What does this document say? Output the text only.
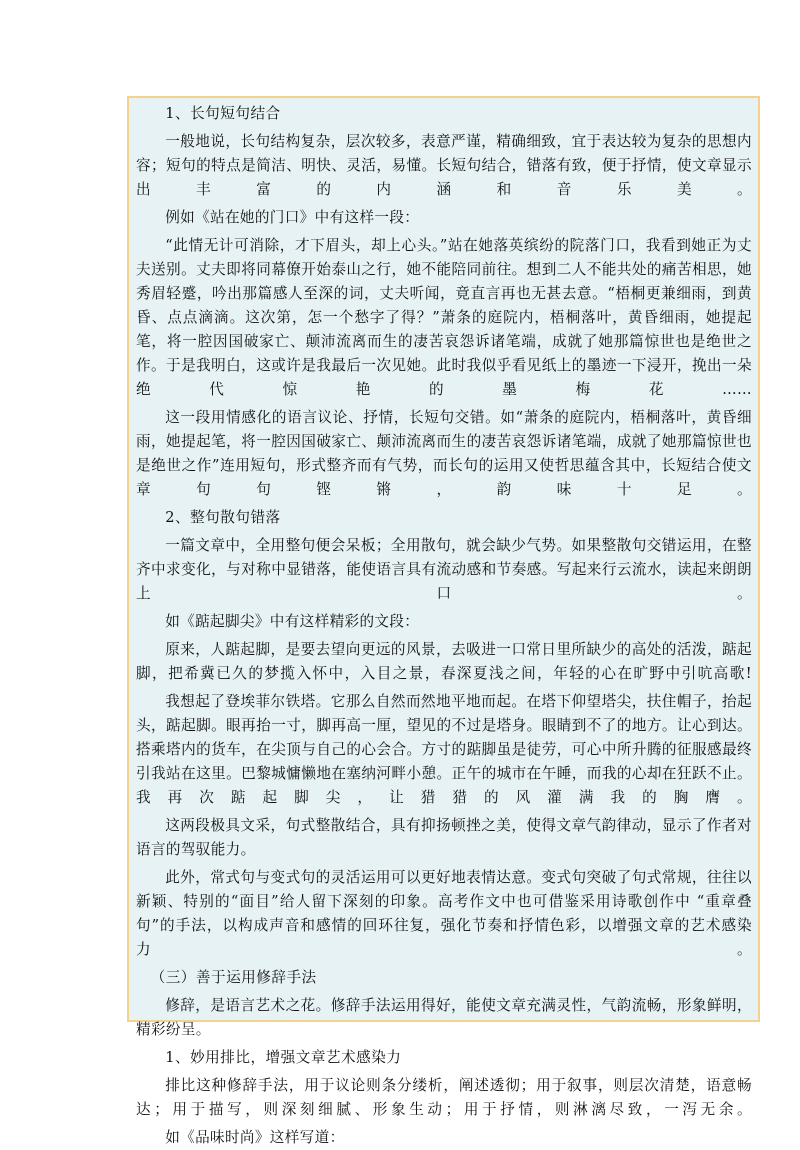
1、长句短句结合

一般地说，长句结构复杂，层次较多，表意严谨，精确细致，宜于表达较为复杂的思想内容；短句的特点是简洁、明快、灵活，易懂。长短句结合，错落有致，便于抒情，使文章显示出丰富的内涵和音乐美。

例如《站在她的门口》中有这样一段：

“此情无计可消除，才下眉头，却上心头。”站在她落英缤纷的院落门口，我看到她正为丈夫送别。丈夫即将同幕僚开始泰山之行，她不能陪同前往。想到二人不能共处的痛苦相思，她秀眉轻蹙，吟出那篇感人至深的词，丈夫听闻，竟直言再也无甚去意。“梧桐更兼细雨，到黄昏、点点滴滴。这次第，怎一个愁字了得？”萧条的庭院内，梧桐落叶，黄昏细雨，她提起笔，将一腔因国破家亡、颠沛流离而生的凄苦哀怨诉诸笔端，成就了她那篇惊世也是绝世之作。于是我明白，这或许是我最后一次见她。此时我似乎看见纸上的墨迹一下浸开，挽出一朵绝代惊艳的墨梅花……

这一段用情感化的语言议论、抒情，长短句交错。如“萧条的庭院内，梧桐落叶，黄昏细雨，她提起笔，将一腔因国破家亡、颠沛流离而生的凄苦哀怨诉诸笔端，成就了她那篇惊世也是绝世之作”连用短句，形式整齐而有气势，而长句的运用又使哲思蕴含其中，长短结合使文章句句铿锵，韵味十足。

2、整句散句错落

一篇文章中，全用整句便会呆板；全用散句，就会缺少气势。如果整散句交错运用，在整齐中求变化，与对称中显错落，能使语言具有流动感和节奏感。写起来行云流水，读起来朗朗上口。

如《踮起脚尖》中有这样精彩的文段：

原来，人踮起脚，是要去望向更远的风景，去吸进一口常日里所缺少的高处的活泼，踮起脚，把希冀已久的梦揽入怀中，入目之景，春深夏浅之间，年轻的心在旷野中引吭高歌!

我想起了登埃菲尔铁塔。它那么自然而然地平地而起。在塔下仰望塔尖，扶住帽子，抬起头，踮起脚。眼再抬一寸，脚再高一厘，望见的不过是塔身。眼睛到不了的地方。让心到达。搭乘塔内的货车，在尖顶与自己的心会合。方寸的踮脚虽是徒劳，可心中所升腾的征服感最终引我站在这里。巴黎城慵懒地在塞纳河畔小憩。正午的城市在午睡，而我的心却在狂跃不止。我再次踮起脚尖，让猎猎的风灌满我的胸膺。

这两段极具文采，句式整散结合，具有抑扬顿挫之美，使得文章气韵律动，显示了作者对语言的驾驭能力。

此外，常式句与变式句的灵活运用可以更好地表情达意。变式句突破了句式常规，往往以新颖、特别的“面目”给人留下深刻的印象。高考作文中也可借鉴采用诗歌创作中 “重章叠句”的手法，以构成声音和感情的回环往复，强化节奏和抒情色彩，以增强文章的艺术感染力。

（三）善于运用修辞手法

修辞，是语言艺术之花。修辞手法运用得好，能使文章充满灵性，气韵流畅，形象鲜明，精彩纷呈。

1、妙用排比，增强文章艺术感染力

排比这种修辞手法，用于议论则条分缕析，阐述透彻；用于叙事，则层次清楚，语意畅达；用于描写，则深刻细腻、形象生动；用于抒情，则淋漓尽致，一泻无余。

如《品味时尚》这样写道：
